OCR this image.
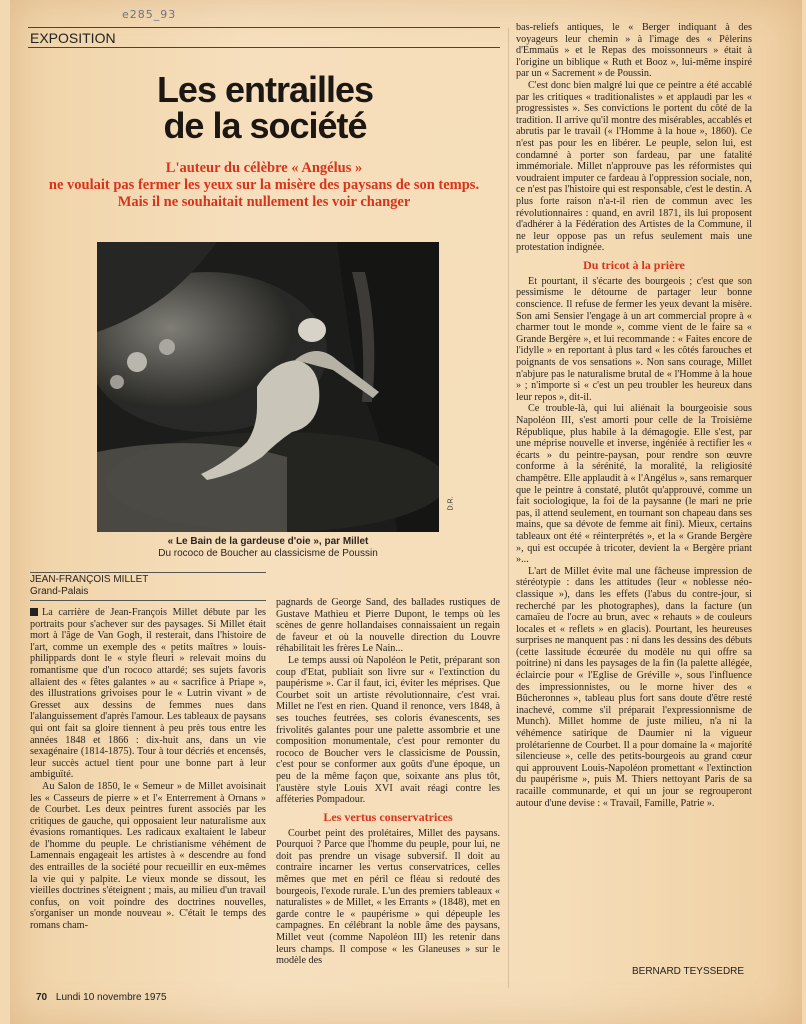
e285_93
EXPOSITION
Les entrailles
de la société
L'auteur du célèbre « Angélus »
ne voulait pas fermer les yeux sur la misère des paysans de son temps.
Mais il ne souhaitait nullement les voir changer
D.R.
« Le Bain de la gardeuse d'oie », par Millet
Du rococo de Boucher au classicisme de Poussin
JEAN-FRANÇOIS MILLET
Grand-Palais

La carrière de Jean-François Millet débute par les portraits pour s'achever sur des paysages. Si Millet était mort à l'âge de Van Gogh, il resterait, dans l'histoire de l'art, comme un exemple des « petits maîtres » louis-philippards dont le « style fleuri » relevait moins du romantisme que d'un rococo attardé; ses sujets favoris allaient des « fêtes galantes » au « sacrifice à Priape », des illustrations grivoises pour le « Lutrin vivant » de Gresset aux dessins de femmes nues dans l'alanguissement d'après l'amour. Les tableaux de paysans qui ont fait sa gloire tiennent à peu près tous entre les années 1848 et 1866 : dix-huit ans, dans un vie sexagénaire (1814-1875). Tour à tour décriés et encensés, leur succès actuel tient pour une bonne part à leur ambiguïté.

Au Salon de 1850, le « Semeur » de Millet avoisinait les « Casseurs de pierre » et l'« Enterrement à Ornans » de Courbet. Les deux peintres furent associés par les critiques de gauche, qui opposaient leur naturalisme aux évasions romantiques. Les radicaux exaltaient le labeur de l'homme du peuple. Le christianisme véhément de Lamennais engageait les artistes à « descendre au fond des entrailles de la société pour recueillir en eux-mêmes la vie qui y palpite. Le vieux monde se dissout, les vieilles doctrines s'éteignent ; mais, au milieu d'un travail confus, on voit poindre des doctrines nouvelles, s'organiser un monde nouveau ». C'était le temps des romans cham-

pagnards de George Sand, des ballades rustiques de Gustave Mathieu et Pierre Dupont, le temps où les scènes de genre hollandaises connaissaient un regain de faveur et où la nouvelle direction du Louvre réhabilitait les frères Le Nain...

Le temps aussi où Napoléon le Petit, préparant son coup d'Etat, publiait son livre sur « l'extinction du paupérisme ». Car il faut, ici, éviter les méprises. Que Courbet soit un artiste révolutionnaire, c'est vrai. Millet ne l'est en rien. Quand il renonce, vers 1848, à ses touches feutrées, ses coloris évanescents, ses frivolités galantes pour une palette assombrie et une composition monumentale, c'est pour remonter du rococo de Boucher vers le classicisme de Poussin, c'est pour se conformer aux goûts d'une époque, un peu de la même façon que, soixante ans plus tôt, l'austère style Louis XVI avait réagi contre les afféteries Pompadour.

Les vertus conservatrices

Courbet peint des prolétaires, Millet des paysans. Pourquoi ? Parce que l'homme du peuple, pour lui, ne doit pas prendre un visage subversif. Il doit au contraire incarner les vertus conservatrices, celles mêmes que met en péril ce fléau si redouté des bourgeois, l'exode rurale. L'un des premiers tableaux « naturalistes » de Millet, « les Errants » (1848), met en garde contre le « paupérisme » qui dépeuple les campagnes. En célébrant la noble âme des paysans, Millet veut (comme Napoléon III) les retenir dans leurs champs. Il compose « les Glaneuses » sur le modèle des

bas-reliefs antiques, le « Berger indiquant à des voyageurs leur chemin » à l'image des « Pèlerins d'Emmaüs » et le Repas des moissonneurs » était à l'origine un biblique « Ruth et Booz », lui-même inspiré par un « Sacrement » de Poussin.

C'est donc bien malgré lui que ce peintre a été accablé par les critiques « traditionalistes » et applaudi par les « progressistes ». Ses convictions le portent du côté de la tradition. Il arrive qu'il montre des misérables, accablés et abrutis par le travail (« l'Homme à la houe », 1860). Ce n'est pas pour les en libérer. Le peuple, selon lui, est condamné à porter son fardeau, par une fatalité immémoriale. Millet n'approuve pas les réformistes qui voudraient imputer ce fardeau à l'oppression sociale, non, ce n'est pas l'histoire qui est responsable, c'est le destin. A plus forte raison n'a-t-il rien de commun avec les révolutionnaires : quand, en avril 1871, ils lui proposent d'adhérer à la Fédération des Artistes de la Commune, il ne leur oppose pas un refus seulement mais une protestation indignée.

Du tricot à la prière

Et pourtant, il s'écarte des bourgeois ; c'est que son pessimisme le détourne de partager leur bonne conscience. Il refuse de fermer les yeux devant la misère. Son ami Sensier l'engage à un art commercial propre à « charmer tout le monde », comme vient de le faire sa « Grande Bergère », et lui recommande : « Faites encore de l'idylle » en reportant à plus tard « les côtés farouches et poignants de vos sensations ». Non sans courage, Millet n'abjure pas le naturalisme brutal de « l'Homme à la houe » ; n'importe si « c'est un peu troubler les heureux dans leur repos », dit-il.

Ce trouble-là, qui lui aliénait la bourgeoisie sous Napoléon III, s'est amorti pour celle de la Troisième République, plus habile à la démagogie. Elle s'est, par une méprise nouvelle et inverse, ingéniée à rectifier les « écarts » du peintre-paysan, pour rendre son œuvre conforme à la sérénité, la moralité, la religiosité champêtre. Elle applaudit à « l'Angélus », sans remarquer que le peintre à constaté, plutôt qu'approuvé, comme un fait sociologique, la foi de la paysanne (le mari ne prie pas, il attend seulement, en tournant son chapeau dans ses mains, que sa dévote de femme ait fini). Mieux, certains tableaux ont été « réinterprétés », et la « Grande Bergère », qui est occupée à tricoter, devient la « Bergère priant »...

L'art de Millet évite mal une fâcheuse impression de stéréotypie : dans les attitudes (leur « noblesse néo-classique »), dans les effets (l'abus du contre-jour, si recherché par les photographes), dans la facture (un camaïeu de l'ocre au brun, avec « rehauts » de couleurs locales et « reflets » en glacis). Pourtant, les heureuses surprises ne manquent pas : ni dans les dessins des débuts (cette lassitude écœurée du modèle nu qui offre sa poitrine) ni dans les paysages de la fin (la palette allégée, éclaircie pour « l'Eglise de Gréville », sous l'influence des impressionnistes, ou le morne hiver des « Bûcheronnes », tableau plus fort sans doute d'être resté inachevé, comme s'il préparait l'expressionnisme de Munch). Millet homme de juste milieu, n'a ni la véhémence satirique de Daumier ni la vigueur prolétarienne de Courbet. Il a pour domaine la « majorité silencieuse », celle des petits-bourgeois au grand cœur qui approuvent Louis-Napoléon promettant « l'extinction du paupérisme », puis M. Thiers nettoyant Paris de sa racaille communarde, et qui un jour se regrouperont autour d'une devise : « Travail, Famille, Patrie ».

BERNARD TEYSSEDRE
70 Lundi 10 novembre 1975
